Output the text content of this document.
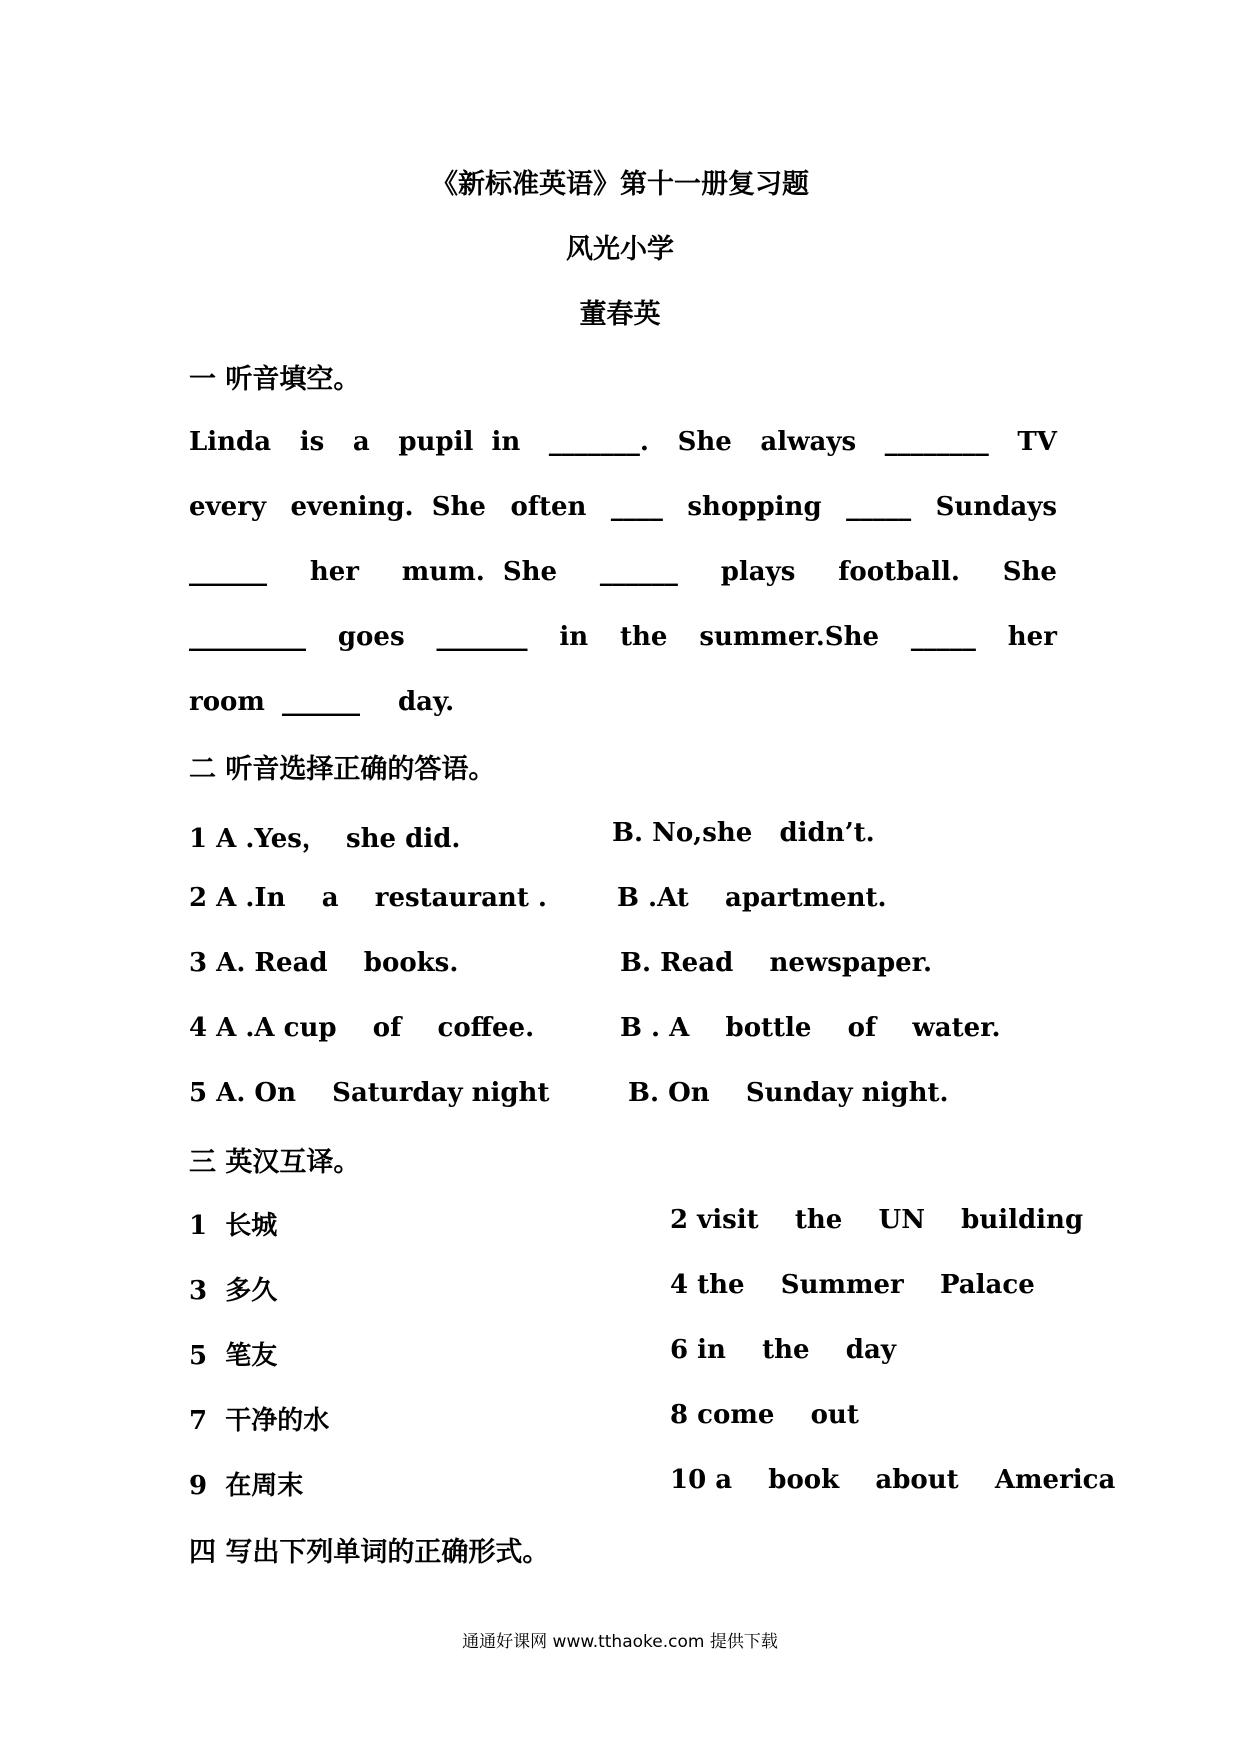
《新标准英语》第十一册复习题
风光小学
董春英
一 听音填空。
Linda is a pupil  in _______. She always ________ TV
every evening.  She often ____ shopping _____ Sundays
______ her mum.  She ______ plays football. She
_________ goes _______ in the summer.She _____ her
room ______ day.
二 听音选择正确的答语。
1 A .Yes，  she did.	B. No,she   didn’t.
2 A .In    a    restaurant .	B .At    apartment.
3 A. Read    books.	B. Read    newspaper.
4 A .A cup    of    coffee.	B . A    bottle    of    water.
5 A. On    Saturday night	B. On    Sunday night.
三 英汉互译。
1  长城	2 visit    the    UN    building
3  多久	4 the    Summer    Palace
5  笔友	6 in    the    day
7  干净的水	8 come    out
9  在周末	10 a    book    about    America
四 写出下列单词的正确形式。
通通好课网 www.tthaoke.com 提供下载
